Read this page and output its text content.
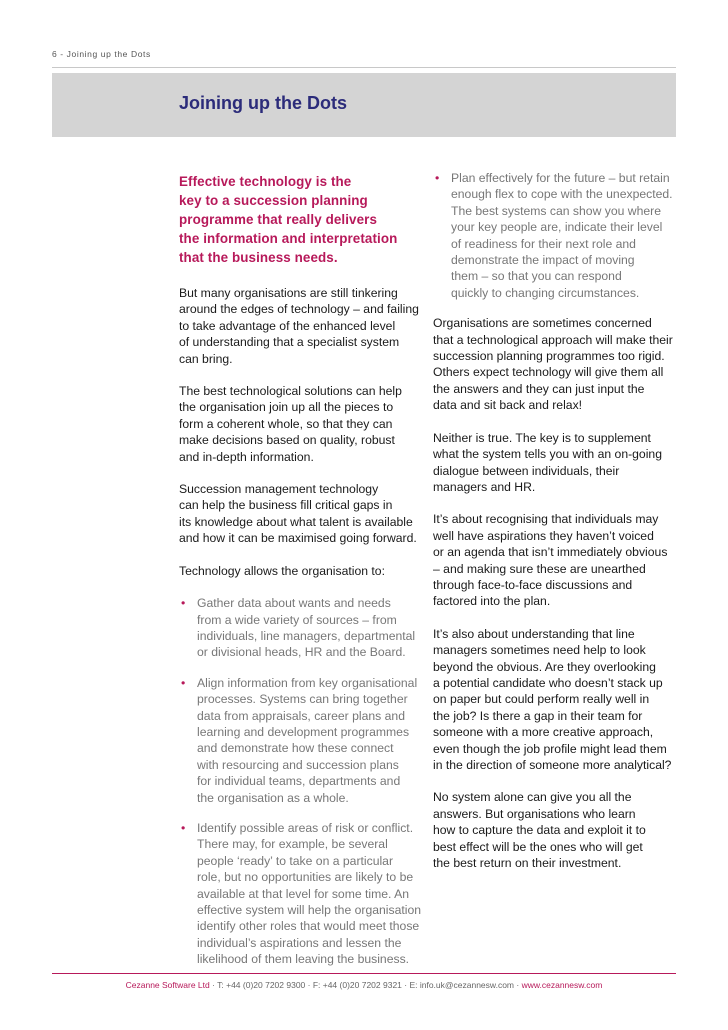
6 - Joining up the Dots
Joining up the Dots

Effective technology is the
key to a succession planning
programme that really delivers
the information and interpretation
that the business needs.

But many organisations are still tinkering
around the edges of technology – and failing
to take advantage of the enhanced level
of understanding that a specialist system
can bring.

The best technological solutions can help
the organisation join up all the pieces to
form a coherent whole, so that they can
make decisions based on quality, robust
and in-depth information.

Succession management technology
can help the business fill critical gaps in
its knowledge about what talent is available
and how it can be maximised going forward.

Technology allows the organisation to:

• Gather data about wants and needs
from a wide variety of sources – from
individuals, line managers, departmental
or divisional heads, HR and the Board.
• Align information from key organisational
processes. Systems can bring together
data from appraisals, career plans and
learning and development programmes
and demonstrate how these connect
with resourcing and succession plans
for individual teams, departments and
the organisation as a whole.
• Identify possible areas of risk or conflict.
There may, for example, be several
people ‘ready’ to take on a particular
role, but no opportunities are likely to be
available at that level for some time. An
effective system will help the organisation
identify other roles that would meet those
individual’s aspirations and lessen the
likelihood of them leaving the business.
• Plan effectively for the future – but retain
enough flex to cope with the unexpected.
The best systems can show you where
your key people are, indicate their level
of readiness for their next role and
demonstrate the impact of moving
them – so that you can respond
quickly to changing circumstances.

Organisations are sometimes concerned
that a technological approach will make their
succession planning programmes too rigid.
Others expect technology will give them all
the answers and they can just input the
data and sit back and relax!

Neither is true. The key is to supplement
what the system tells you with an on-going
dialogue between individuals, their
managers and HR.

It’s about recognising that individuals may
well have aspirations they haven’t voiced
or an agenda that isn’t immediately obvious
– and making sure these are unearthed
through face-to-face discussions and
factored into the plan.

It’s also about understanding that line
managers sometimes need help to look
beyond the obvious. Are they overlooking
a potential candidate who doesn’t stack up
on paper but could perform really well in
the job? Is there a gap in their team for
someone with a more creative approach,
even though the job profile might lead them
in the direction of someone more analytical?

No system alone can give you all the
answers. But organisations who learn
how to capture the data and exploit it to
best effect will be the ones who will get
the best return on their investment.

Cezanne Software Ltd · T: +44 (0)20 7202 9300 · F: +44 (0)20 7202 9321 · E: info.uk@cezannesw.com · www.cezannesw.com
